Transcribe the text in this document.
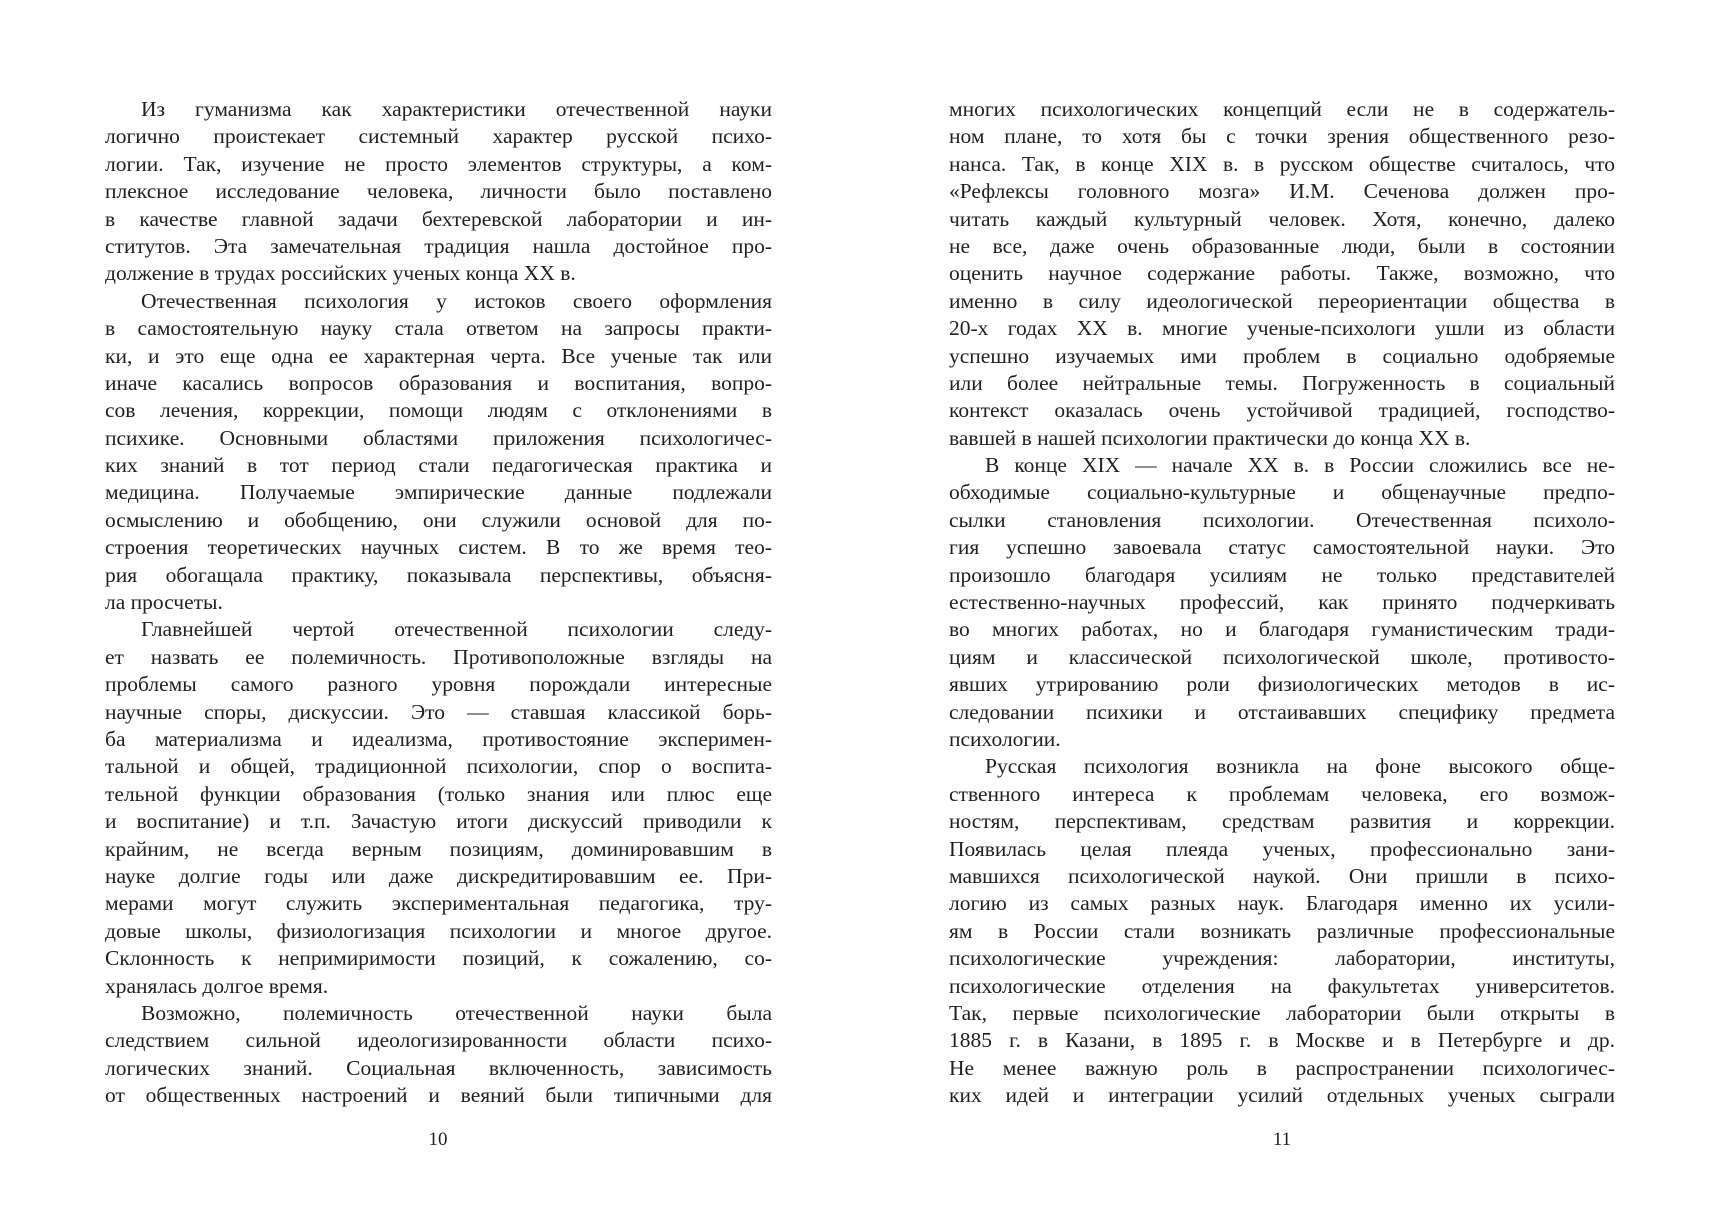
Из гуманизма как характеристики отечественной науки
логично проистекает системный характер русской психо-
логии. Так, изучение не просто элементов структуры, а ком-
плексное исследование человека, личности было поставлено
в качестве главной задачи бехтеревской лаборатории и ин-
ститутов. Эта замечательная традиция нашла достойное про-
должение в трудах российских ученых конца XX в.
Отечественная психология у истоков своего оформления
в самостоятельную науку стала ответом на запросы практи-
ки, и это еще одна ее характерная черта. Все ученые так или
иначе касались вопросов образования и воспитания, вопро-
сов лечения, коррекции, помощи людям с отклонениями в
психике. Основными областями приложения психологичес-
ких знаний в тот период стали педагогическая практика и
медицина. Получаемые эмпирические данные подлежали
осмыслению и обобщению, они служили основой для по-
строения теоретических научных систем. В то же время тео-
рия обогащала практику, показывала перспективы, объясня-
ла просчеты.
Главнейшей чертой отечественной психологии следу-
ет назвать ее полемичность. Противоположные взгляды на
проблемы самого разного уровня порождали интересные
научные споры, дискуссии. Это — ставшая классикой борь-
ба материализма и идеализма, противостояние эксперимен-
тальной и общей, традиционной психологии, спор о воспита-
тельной функции образования (только знания или плюс еще
и воспитание) и т.п. Зачастую итоги дискуссий приводили к
крайним, не всегда верным позициям, доминировавшим в
науке долгие годы или даже дискредитировавшим ее. При-
мерами могут служить экспериментальная педагогика, тру-
довые школы, физиологизация психологии и многое другое.
Склонность к непримиримости позиций, к сожалению, со-
хранялась долгое время.
Возможно, полемичность отечественной науки была
следствием сильной идеологизированности области психо-
логических знаний. Социальная включенность, зависимость
от общественных настроений и веяний были типичными для
многих психологических концепций если не в содержатель-
ном плане, то хотя бы с точки зрения общественного резо-
нанса. Так, в конце XIX в. в русском обществе считалось, что
«Рефлексы головного мозга» И.М. Сеченова должен про-
читать каждый культурный человек. Хотя, конечно, далеко
не все, даже очень образованные люди, были в состоянии
оценить научное содержание работы. Также, возможно, что
именно в силу идеологической переориентации общества в
20-х годах XX в. многие ученые-психологи ушли из области
успешно изучаемых ими проблем в социально одобряемые
или более нейтральные темы. Погруженность в социальный
контекст оказалась очень устойчивой традицией, господство-
вавшей в нашей психологии практически до конца XX в.
В конце XIX — начале XX в. в России сложились все не-
обходимые социально-культурные и общенаучные предпо-
сылки становления психологии. Отечественная психоло-
гия успешно завоевала статус самостоятельной науки. Это
произошло благодаря усилиям не только представителей
естественно-научных профессий, как принято подчеркивать
во многих работах, но и благодаря гуманистическим тради-
циям и классической психологической школе, противосто-
явших утрированию роли физиологических методов в ис-
следовании психики и отстаивавших специфику предмета
психологии.
Русская психология возникла на фоне высокого обще-
ственного интереса к проблемам человека, его возмож-
ностям, перспективам, средствам развития и коррекции.
Появилась целая плеяда ученых, профессионально зани-
мавшихся психологической наукой. Они пришли в психо-
логию из самых разных наук. Благодаря именно их усили-
ям в России стали возникать различные профессиональные
психологические учреждения: лаборатории, институты,
психологические отделения на факультетах университетов.
Так, первые психологические лаборатории были открыты в
1885 г. в Казани, в 1895 г. в Москве и в Петербурге и др.
Не менее важную роль в распространении психологичес-
ких идей и интеграции усилий отдельных ученых сыграли
10	11
